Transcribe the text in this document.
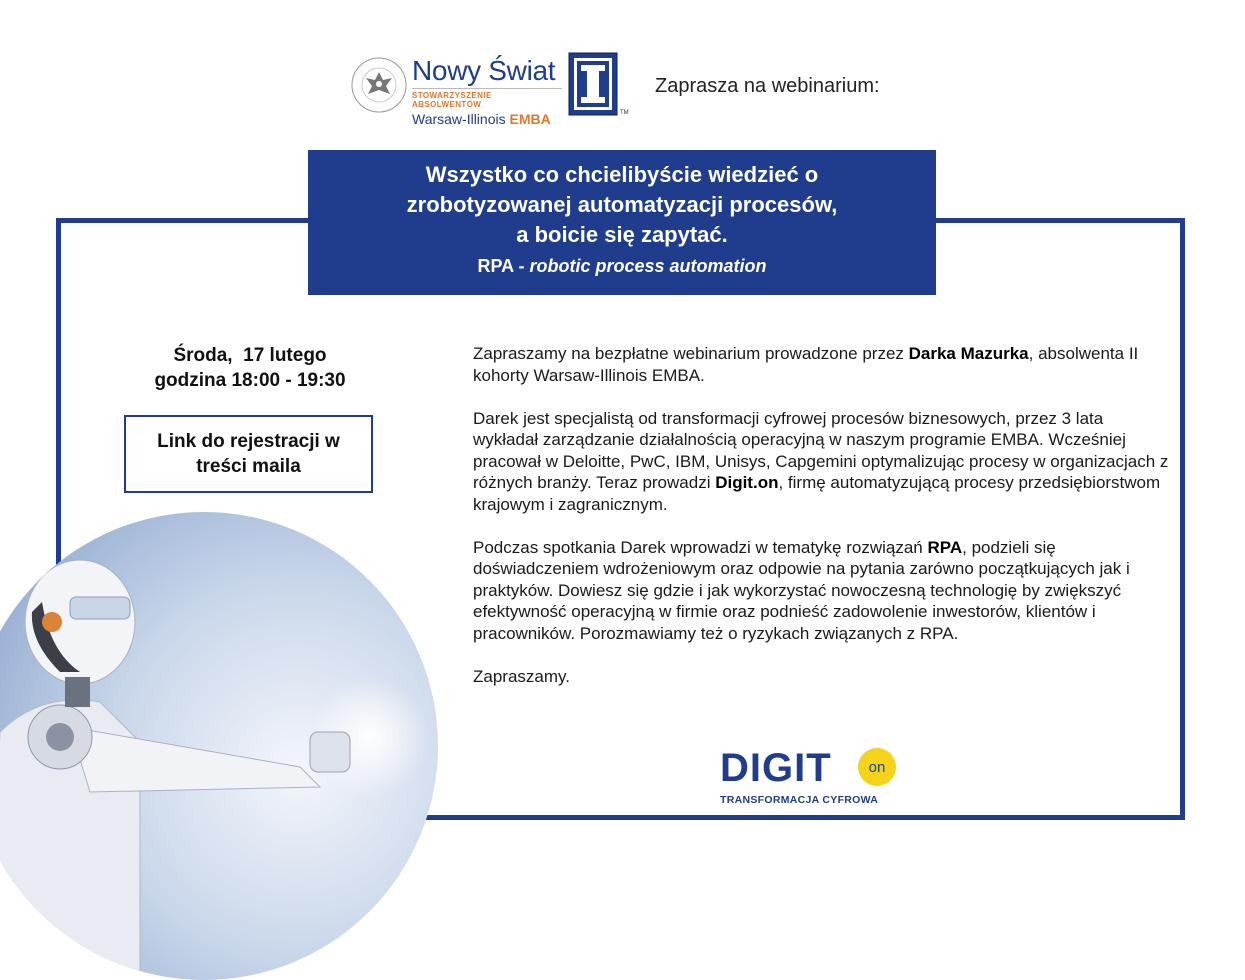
Nowy Świat
STOWARZYSZENIE ABSOLWENTÓW
Warsaw-Illinois EMBA	TM
Zaprasza na webinarium:
Wszystko co chcielibyście wiedzieć o
zrobotyzowanej automatyzacji procesów,
a boicie się zapytać.
RPA - robotic process automation
Środa,  17 lutego
godzina 18:00 - 19:30
Link do rejestracji w
treści maila

Zapraszamy na bezpłatne webinarium prowadzone przez Darka Mazurka, absolwenta II kohorty Warsaw-Illinois EMBA.

Darek jest specjalistą od transformacji cyfrowej procesów biznesowych, przez 3 lata wykładał zarządzanie działalnością operacyjną w naszym programie EMBA. Wcześniej pracował w Deloitte, PwC, IBM, Unisys, Capgemini optymalizując procesy w organizacjach z różnych branży. Teraz prowadzi Digit.on, firmę automatyzującą procesy przedsiębiorstwom krajowym i zagranicznym.

Podczas spotkania Darek wprowadzi w tematykę rozwiązań RPA, podzieli się doświadczeniem wdrożeniowym oraz odpowie na pytania zarówno początkujących jak i praktyków. Dowiesz się gdzie i jak wykorzystać nowoczesną technologię by zwiększyć efektywność operacyjną w firmie oraz podnieść zadowolenie inwestorów, klientów i pracowników. Porozmawiamy też o ryzykach związanych z RPA.

Zapraszamy.

DIGIT	on
TRANSFORMACJA CYFROWA
